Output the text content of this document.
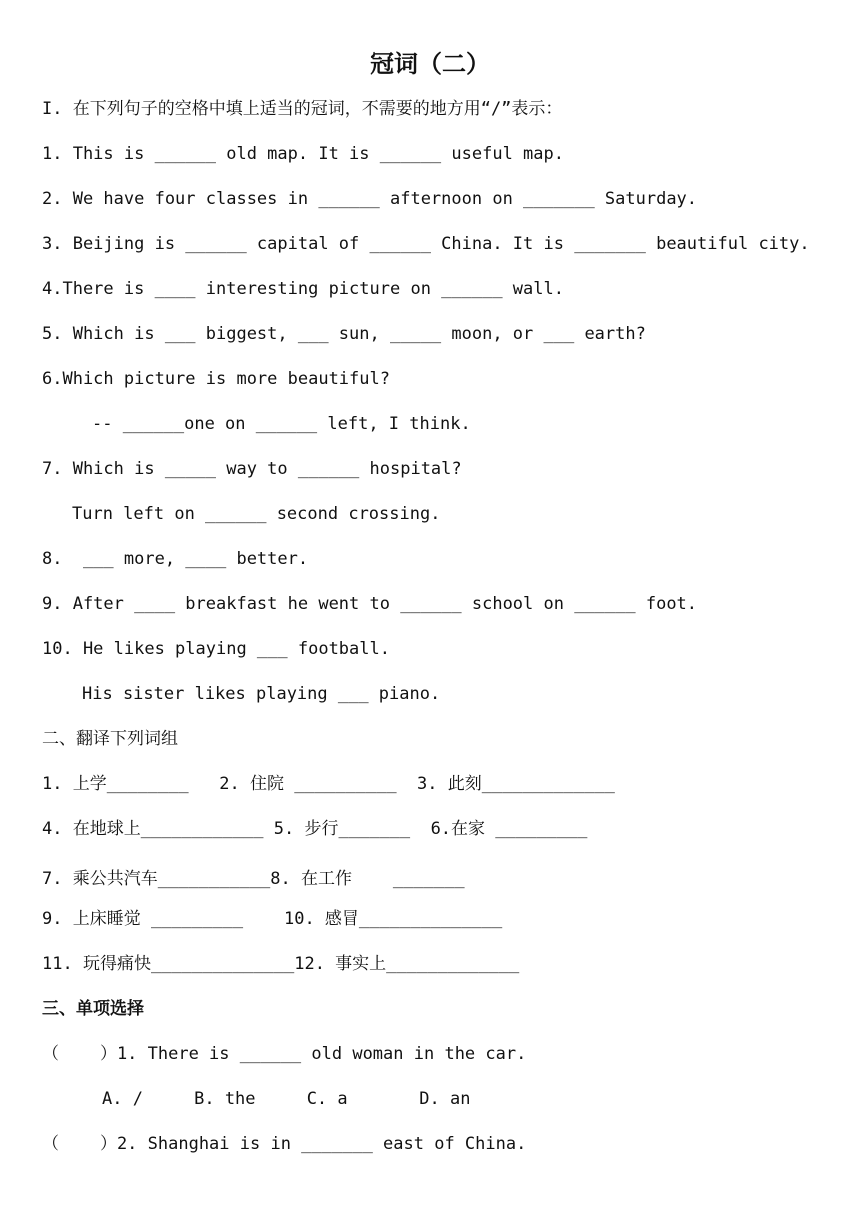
冠词（二）
I. 在下列句子的空格中填上适当的冠词，不需要的地方用“/”表示：
1. This is ______ old map. It is ______ useful map.
2. We have four classes in ______ afternoon on _______ Saturday.
3. Beijing is ______ capital of ______ China. It is _______ beautiful city.
4.There is ____ interesting picture on ______ wall.
5. Which is ___ biggest, ___ sun, _____ moon, or ___ earth?
6.Which picture is more beautiful?
-- ______one on ______ left, I think.
7. Which is _____ way to ______ hospital?
Turn left on ______ second crossing.
8.  ___ more, ____ better.
9. After ____ breakfast he went to ______ school on ______ foot.
10. He likes playing ___ football.
His sister likes playing ___ piano.
二、翻译下列词组
1. 上学________   2. 住院 __________  3. 此刻_____________
4. 在地球上____________ 5. 步行_______  6.在家 _________
7. 乘公共汽车___________8. 在工作    _______
9. 上床睡觉 _________    10. 感冒______________
11. 玩得痛快______________12. 事实上_____________
三、单项选择
（    ）1. There is ______ old woman in the car.
A. /     B. the     C. a       D. an
（    ）2. Shanghai is in _______ east of China.
